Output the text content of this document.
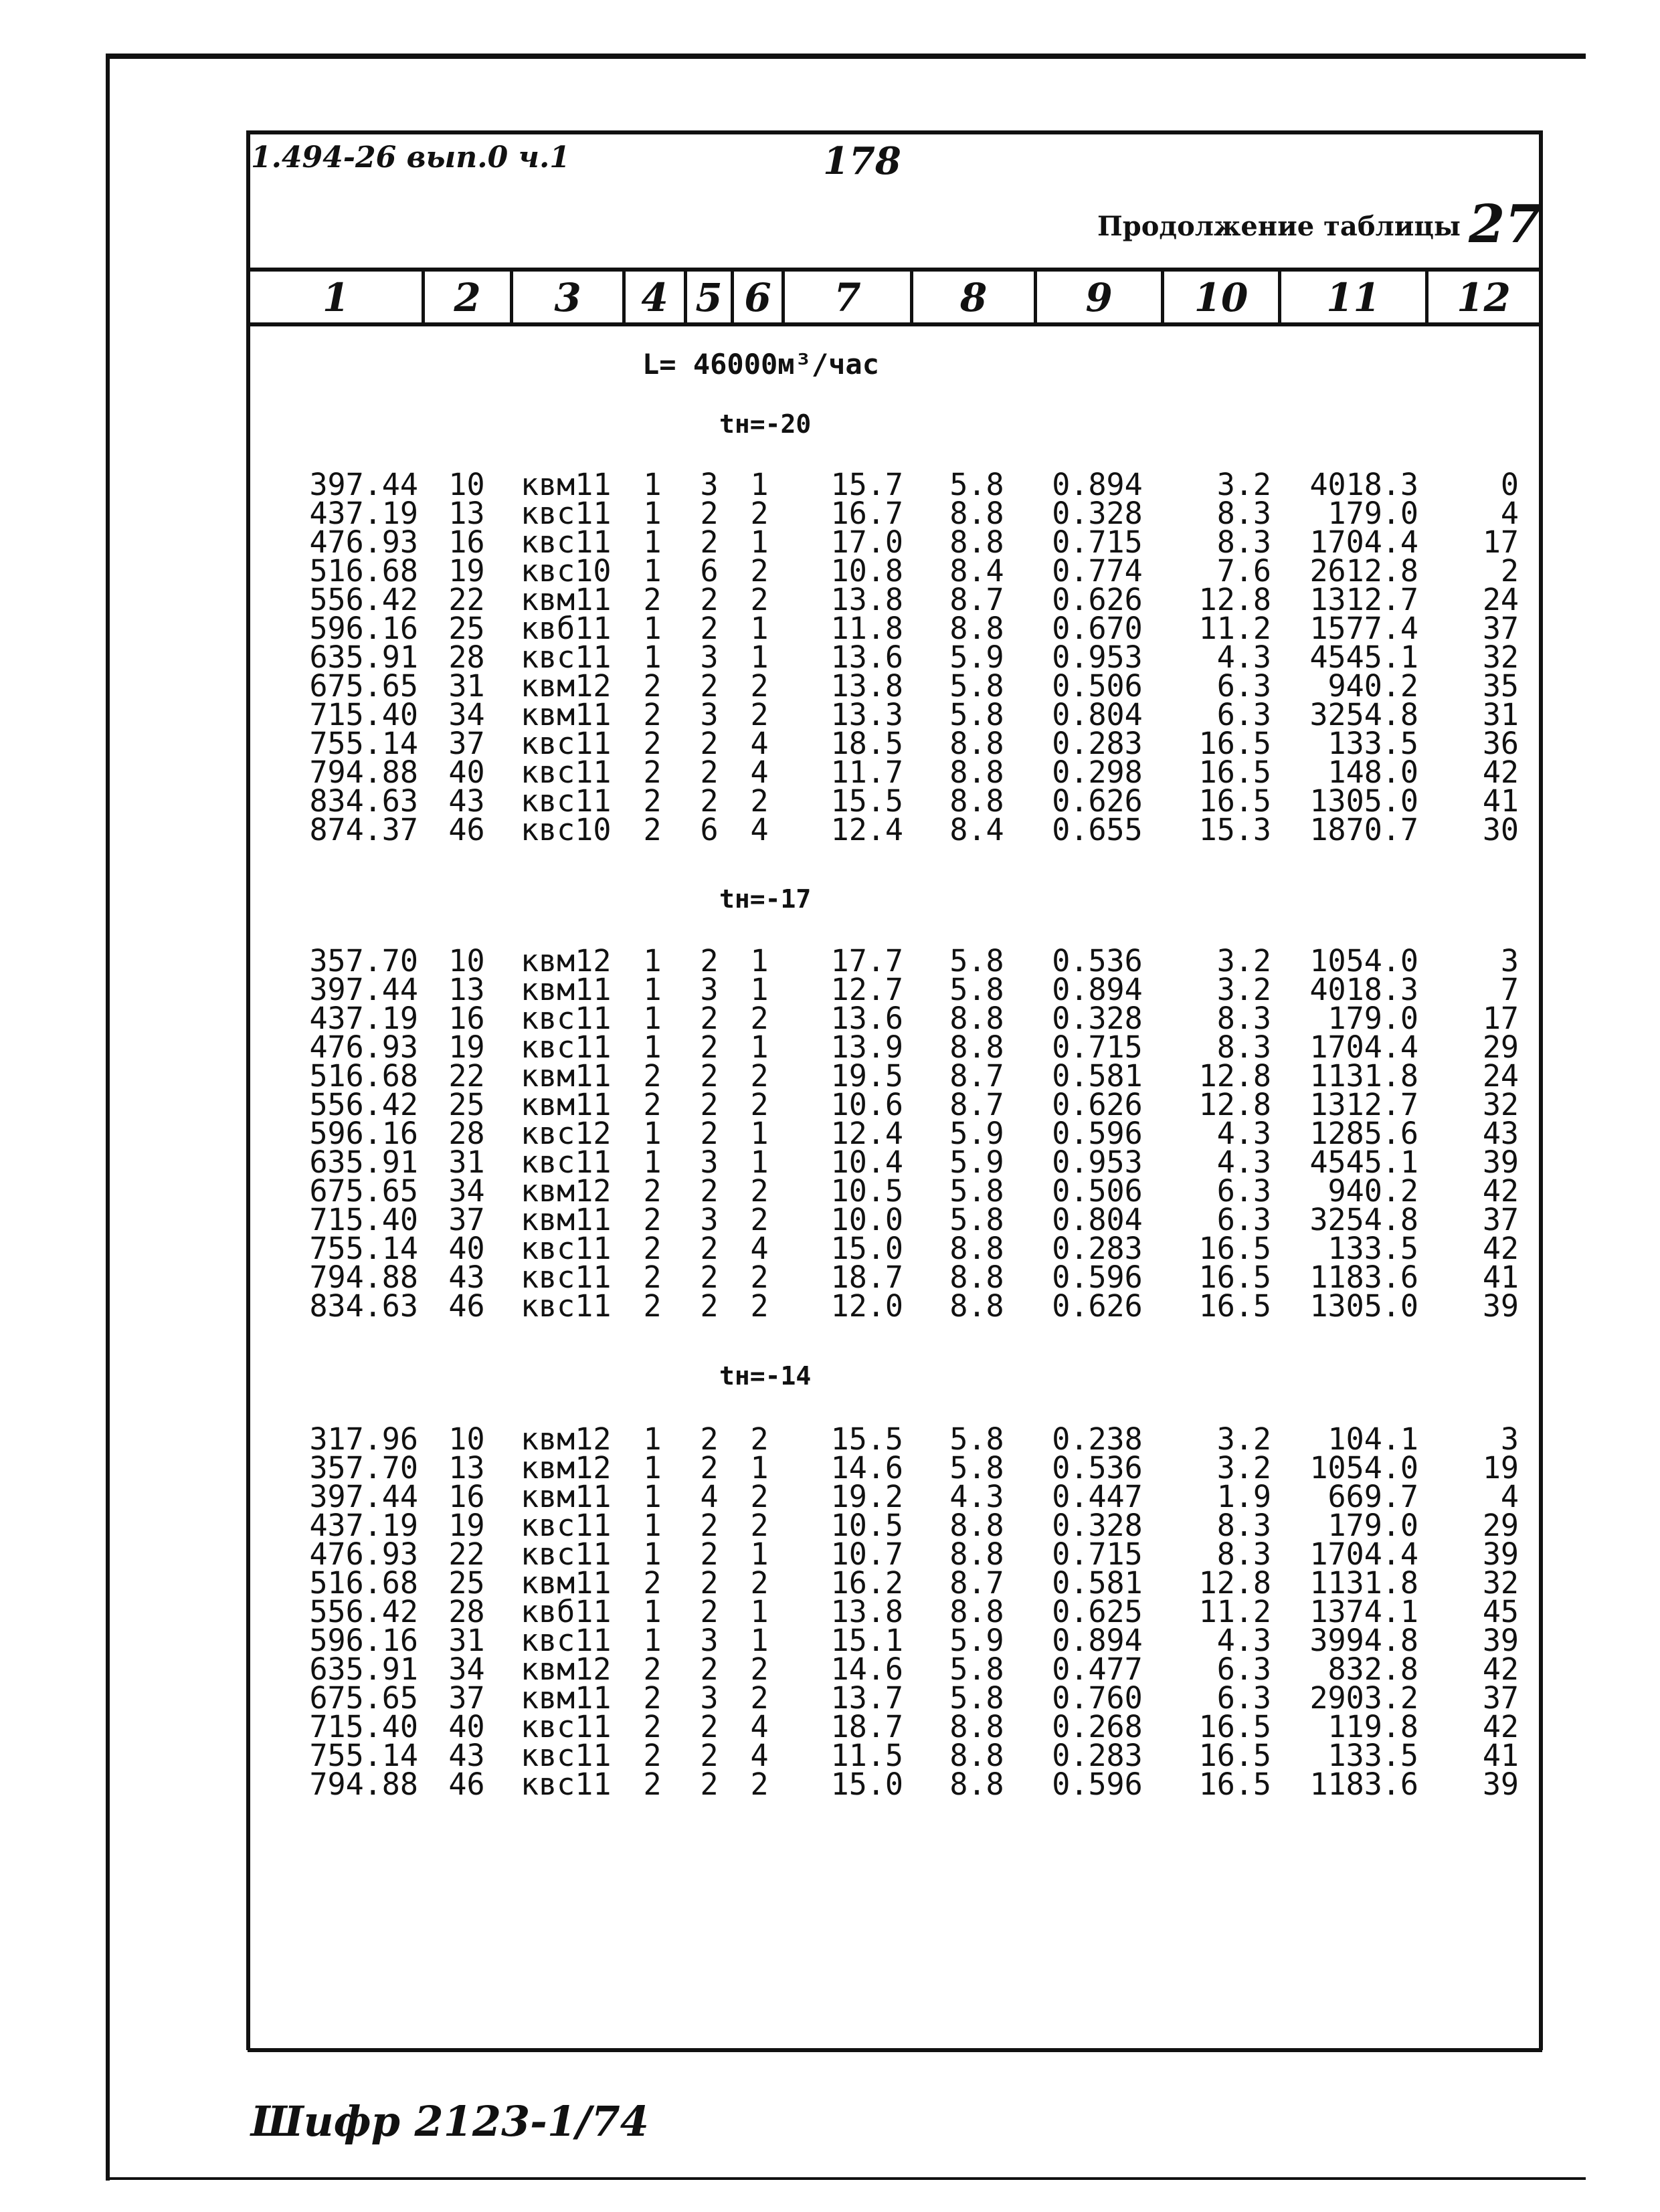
1.494-26 вып.0 ч.1	178
Продолжение таблицы 27
1	2	3	4 5 6	7	8	9	10	11	12
L= 46000м³/час
tн=-20
tн=-17
tн=-14
397.44	10	квм11	1	3	1	15.7	5.8	0.894	3.2	4018.3	0
437.19	13	квс11	1	2	2	16.7	8.8	0.328	8.3	179.0	4
476.93	16	квс11	1	2	1	17.0	8.8	0.715	8.3	1704.4	17
516.68	19	квс10	1	6	2	10.8	8.4	0.774	7.6	2612.8	2
556.42	22	квм11	2	2	2	13.8	8.7	0.626	12.8	1312.7	24
596.16	25	квб11	1	2	1	11.8	8.8	0.670	11.2	1577.4	37
635.91	28	квс11	1	3	1	13.6	5.9	0.953	4.3	4545.1	32
675.65	31	квм12	2	2	2	13.8	5.8	0.506	6.3	940.2	35
715.40	34	квм11	2	3	2	13.3	5.8	0.804	6.3	3254.8	31
755.14	37	квс11	2	2	4	18.5	8.8	0.283	16.5	133.5	36
794.88	40	квс11	2	2	4	11.7	8.8	0.298	16.5	148.0	42
834.63	43	квс11	2	2	2	15.5	8.8	0.626	16.5	1305.0	41
874.37	46	квс10	2	6	4	12.4	8.4	0.655	15.3	1870.7	30
357.70	10	квм12	1	2	1	17.7	5.8	0.536	3.2	1054.0	3
397.44	13	квм11	1	3	1	12.7	5.8	0.894	3.2	4018.3	7
437.19	16	квс11	1	2	2	13.6	8.8	0.328	8.3	179.0	17
476.93	19	квс11	1	2	1	13.9	8.8	0.715	8.3	1704.4	29
516.68	22	квм11	2	2	2	19.5	8.7	0.581	12.8	1131.8	24
556.42	25	квм11	2	2	2	10.6	8.7	0.626	12.8	1312.7	32
596.16	28	квс12	1	2	1	12.4	5.9	0.596	4.3	1285.6	43
635.91	31	квс11	1	3	1	10.4	5.9	0.953	4.3	4545.1	39
675.65	34	квм12	2	2	2	10.5	5.8	0.506	6.3	940.2	42
715.40	37	квм11	2	3	2	10.0	5.8	0.804	6.3	3254.8	37
755.14	40	квс11	2	2	4	15.0	8.8	0.283	16.5	133.5	42
794.88	43	квс11	2	2	2	18.7	8.8	0.596	16.5	1183.6	41
834.63	46	квс11	2	2	2	12.0	8.8	0.626	16.5	1305.0	39
317.96	10	квм12	1	2	2	15.5	5.8	0.238	3.2	104.1	3
357.70	13	квм12	1	2	1	14.6	5.8	0.536	3.2	1054.0	19
397.44	16	квм11	1	4	2	19.2	4.3	0.447	1.9	669.7	4
437.19	19	квс11	1	2	2	10.5	8.8	0.328	8.3	179.0	29
476.93	22	квс11	1	2	1	10.7	8.8	0.715	8.3	1704.4	39
516.68	25	квм11	2	2	2	16.2	8.7	0.581	12.8	1131.8	32
556.42	28	квб11	1	2	1	13.8	8.8	0.625	11.2	1374.1	45
596.16	31	квс11	1	3	1	15.1	5.9	0.894	4.3	3994.8	39
635.91	34	квм12	2	2	2	14.6	5.8	0.477	6.3	832.8	42
675.65	37	квм11	2	3	2	13.7	5.8	0.760	6.3	2903.2	37
715.40	40	квс11	2	2	4	18.7	8.8	0.268	16.5	119.8	42
755.14	43	квс11	2	2	4	11.5	8.8	0.283	16.5	133.5	41
794.88	46	квс11	2	2	2	15.0	8.8	0.596	16.5	1183.6	39
Шифр 2123-1/74
